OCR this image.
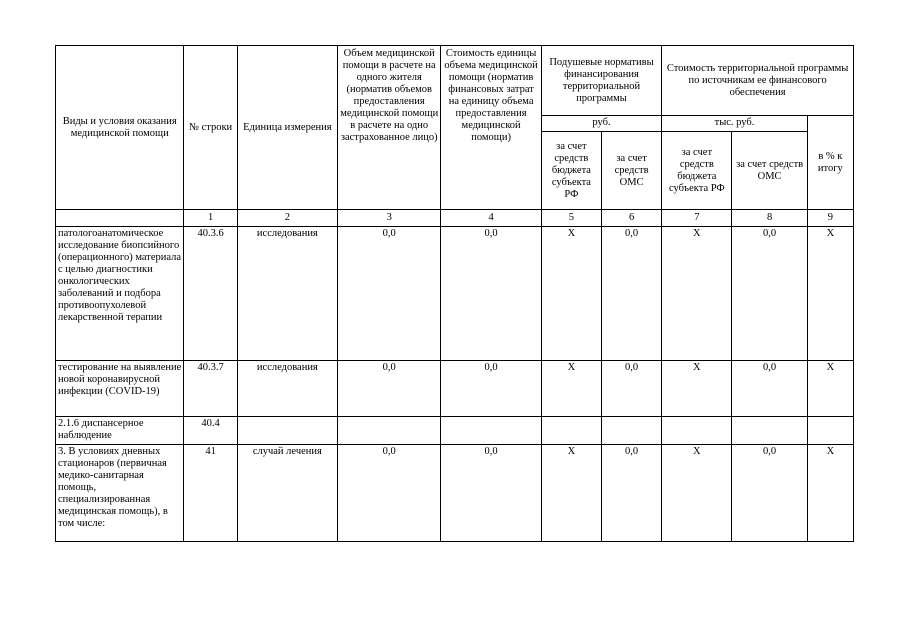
Виды и условия оказания медицинской помощи	№ строки	Единица измерения	Объем медицинской помощи в расчете на одного жителя (норматив объемов предоставления медицинской помощи в расчете на одно застрахованное лицо)	Стоимость единицы объема медицинской помощи (норматив финансовых затрат на единицу объема предоставления медицинской помощи)	Подушевые нормативы финансирования территориальной программы		Стоимость территориальной программы по источникам ее финансового обеспечения		
					руб.		тыс. руб.		в % к итогу
					за счет средств бюджета субъекта РФ	за счет средств ОМС	за счет средств бюджета субъекта РФ	за счет средств ОМС	
	1	2	3	4	5	6	7	8	9
патологоанатомическое исследование биопсийного (операционного) материала с целью диагностики онкологических заболеваний и подбора противоопухолевой лекарственной терапии	40.3.6	исследования	0,0	0,0	Х	0,0	Х	0,0	Х
тестирование на выявление новой коронавирусной инфекции (COVID-19)	40.3.7	исследования	0,0	0,0	Х	0,0	Х	0,0	Х
2.1.6 диспансерное наблюдение	40.4								
3. В условиях дневных стационаров (первичная медико-санитарная помощь, специализированная медицинская помощь), в том числе:	41	случай лечения	0,0	0,0	Х	0,0	Х	0,0	Х
